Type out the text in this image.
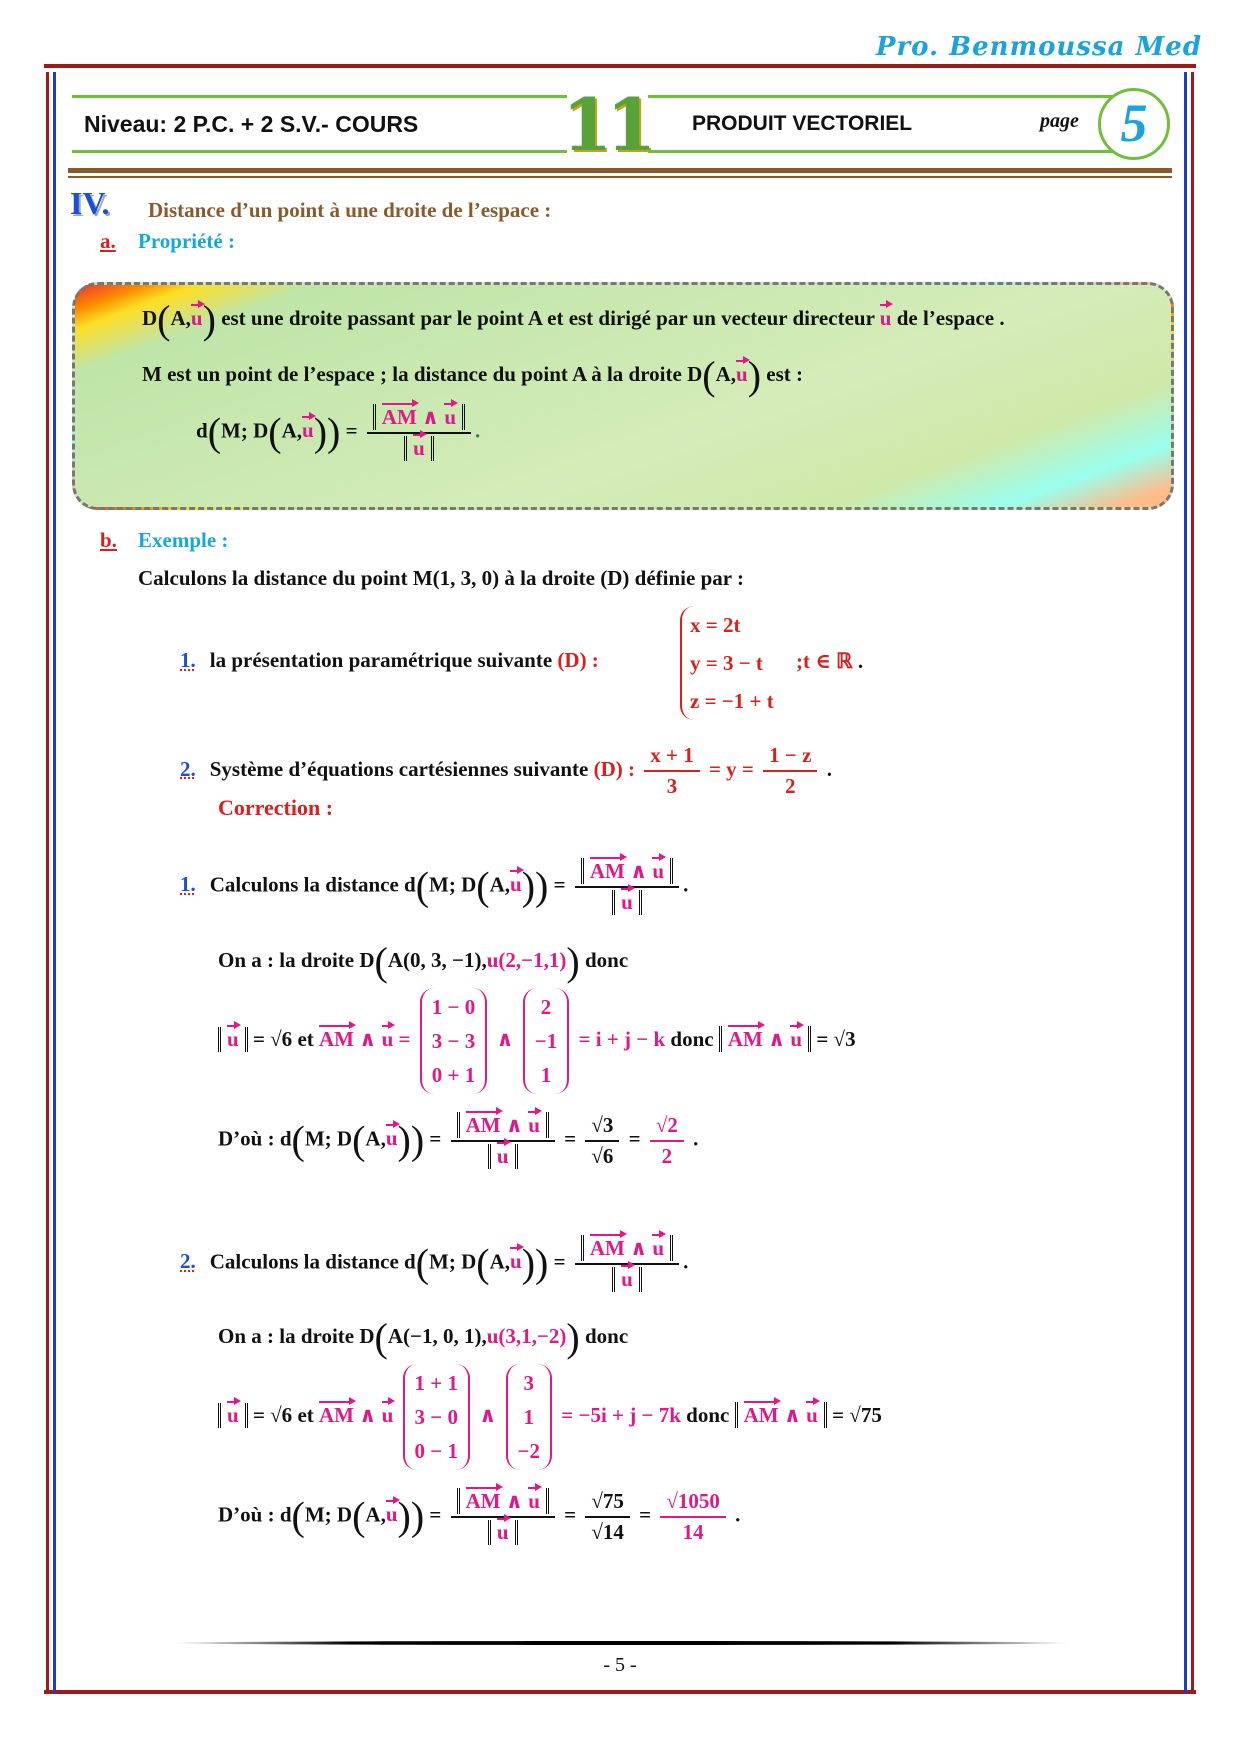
Pro. Benmoussa Med
Niveau: 2 P.C. + 2 S.V.- COURS	11	PRODUIT VECTORIEL	page 5
IV. Distance d’un point à une droite de l’espace :
a. Propriété :
D(A,u) est une droite passant par le point A et est dirigé par un vecteur directeur u de l’espace .
M est un point de l’espace ; la distance du point A à la droite D(A,u) est :
d(M; $D(A,u)) = \frac{AM \wedge u}{u}$ .
b. Exemple :
Calculons la distance du point M(1, 3, 0) à la droite (D) définie par :
1. la présentation paramétrique suivante (D) :
x = 2t
y = 3 − t
z = −1 + t
;t ∈ ℝ .
2. Système d’équations cartésiennes suivante (D) : $\frac{x + 1}{3} = y = \frac{1 - z}{2}$ .
Correction :
1. Calculons la distance d(M; $D(A,u)) = \frac{AM \wedge u}{u}$ .
On a : la droite D(A(0, 3, −1),u(2,−1,1)) donc
u = √6 et AM ∧ u =
1 − 0
3 − 3
0 + 1
∧
2
−1
1
= i + j − k donc AM ∧ u = √3
D’où : d(M; $D(A,u)) = \frac{AM \wedge u}{u} = \frac{√3}{√6} = \frac{√2}{2}$ .
2. Calculons la distance d(M; $D(A,u)) = \frac{AM \wedge u}{u}$ .
On a : la droite D(A(−1, 0, 1),u(3,1,−2)) donc
u = √6 et AM ∧ u
1 + 1
3 − 0
0 − 1
∧
3
1
−2
= −5i + j − 7k donc AM ∧ u = √75
D’où : d(M; $D(A,u)) = \frac{AM \wedge u}{u} = \frac{√75}{√14} = \frac{√1050}{14}$ .
- 5 -
